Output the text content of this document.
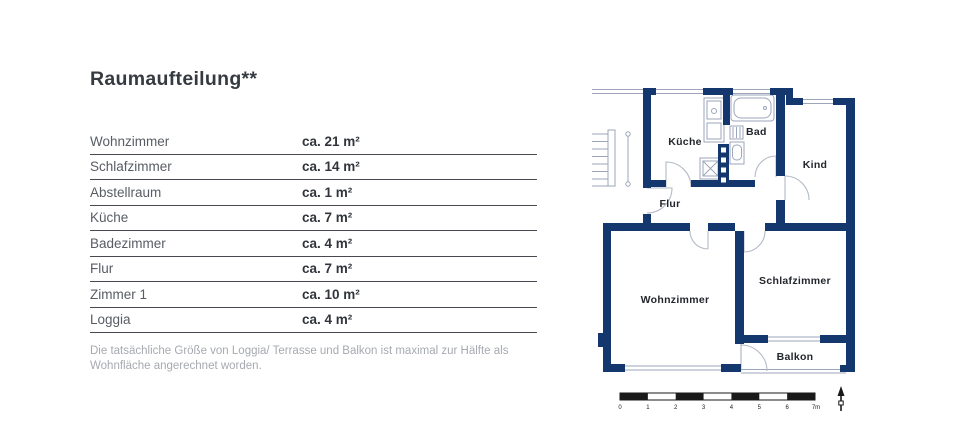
Raumaufteilung**
Wohnzimmer	ca. 21 m²
Schlafzimmer	ca. 14 m²
Abstellraum	ca. 1 m²
Küche	ca. 7 m²
Badezimmer	ca. 4 m²
Flur	ca. 7 m²
Zimmer 1	ca. 10 m²
Loggia	ca. 4 m²

Die tatsächliche Größe von Loggia/ Terrasse und Balkon ist maximal zur Hälfte als Wohnfläche angerechnet worden.

Küche
Bad
Kind
Flur
Wohnzimmer
Schlafzimmer
Balkon
0	1	2	3	4	5	6	7m
